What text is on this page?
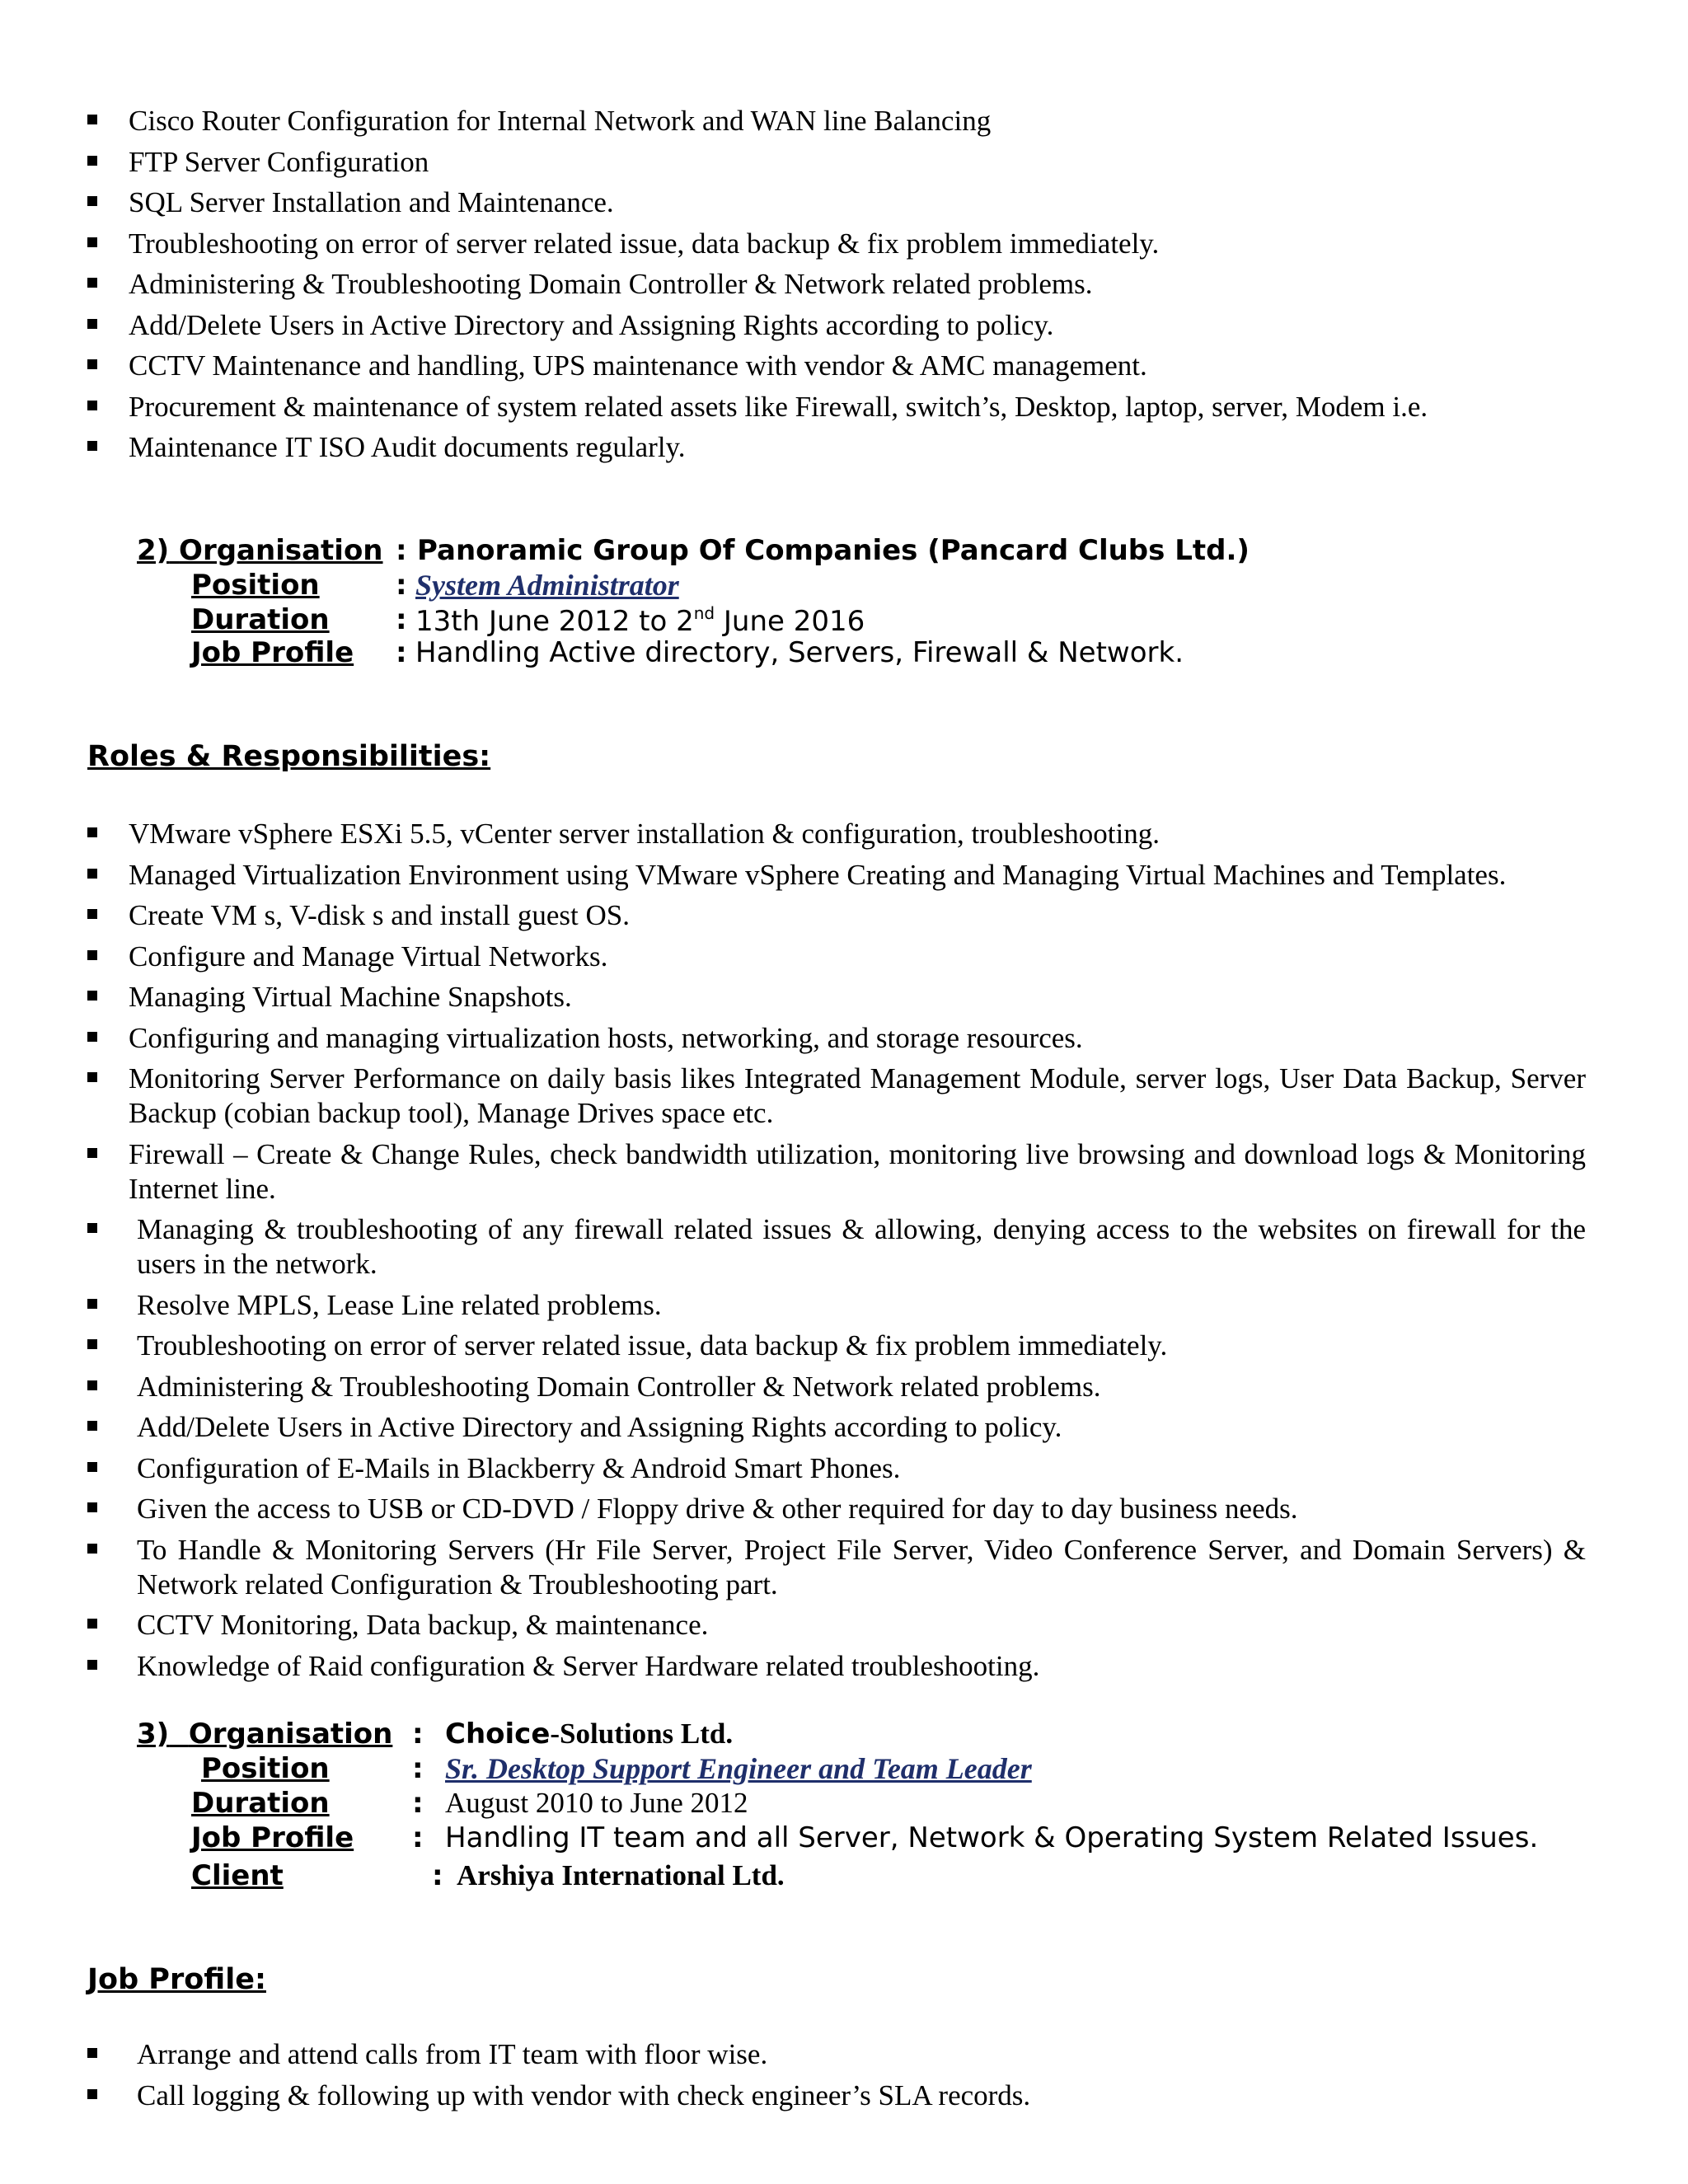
Cisco Router Configuration for Internal Network and WAN line Balancing
FTP Server Configuration
SQL Server Installation and Maintenance.
Troubleshooting on error of server related issue, data backup & fix problem immediately.
Administering & Troubleshooting Domain Controller & Network related problems.
Add/Delete Users in Active Directory and Assigning Rights according to policy.
CCTV Maintenance and handling, UPS maintenance with vendor & AMC management.
Procurement & maintenance of system related assets like Firewall, switch’s, Desktop, laptop, server, Modem i.e.
Maintenance IT ISO Audit documents regularly.
2) Organisation : Panoramic Group Of Companies (Pancard Clubs Ltd.)
Position	: System Administrator
Duration : 13th June 2012 to 2nd June 2016
Job Profile : Handling Active directory, Servers, Firewall & Network.
Roles & Responsibilities:
VMware vSphere ESXi 5.5, vCenter server installation & configuration, troubleshooting.
Managed Virtualization Environment using VMware vSphere Creating and Managing Virtual Machines and Templates.
Create VM s, V-disk s and install guest OS.
Configure and Manage Virtual Networks.
Managing Virtual Machine Snapshots.
Configuring and managing virtualization hosts, networking, and storage resources.
Monitoring Server Performance on daily basis likes Integrated Management Module, server logs, User Data Backup, Server Backup (cobian backup tool), Manage Drives space etc.
Firewall – Create & Change Rules, check bandwidth utilization, monitoring live browsing and download logs & Monitoring Internet line.
Managing & troubleshooting of any firewall related issues & allowing, denying access to the websites on firewall for the users in the network.
Resolve MPLS, Lease Line related problems.
Troubleshooting on error of server related issue, data backup & fix problem immediately.
Administering & Troubleshooting Domain Controller & Network related problems.
Add/Delete Users in Active Directory and Assigning Rights according to policy.
Configuration of E-Mails in Blackberry & Android Smart Phones.
Given the access to USB or CD-DVD / Floppy drive & other required for day to day business needs.
To Handle & Monitoring Servers (Hr File Server, Project File Server, Video Conference Server, and Domain Servers) & Network related Configuration & Troubleshooting part.
CCTV Monitoring, Data backup, & maintenance.
Knowledge of Raid configuration & Server Hardware related troubleshooting.
3) Organisation : Choice-Solutions Ltd.
Position	: Sr. Desktop Support Engineer and Team Leader
Duration	: August 2010 to June 2012
Job Profile : Handling IT team and all Server, Network & Operating System Related Issues.
Client	: Arshiya International Ltd.
Job Profile:
Arrange and attend calls from IT team with floor wise.
Call logging & following up with vendor with check engineer’s SLA records.
